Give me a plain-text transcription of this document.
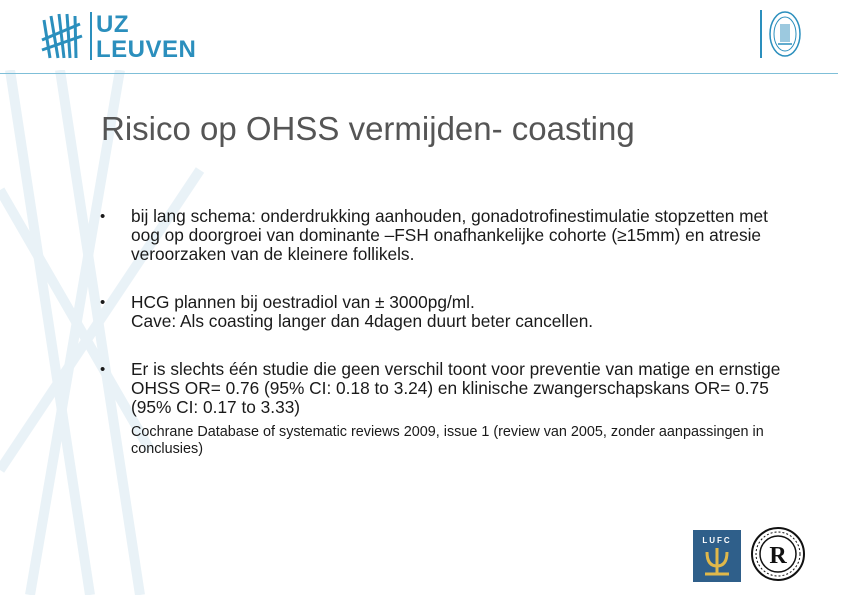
UZ
LEUVEN
Risico op OHSS vermijden- coasting
• bij lang schema: onderdrukking aanhouden, gonadotrofinestimulatie stopzetten met oog op doorgroei van dominante –FSH onafhankelijke cohorte (≥15mm) en atresie veroorzaken van de kleinere follikels.
• HCG plannen bij oestradiol van ± 3000pg/ml.
Cave: Als coasting langer dan 4dagen duurt beter cancellen.
• Er is slechts één studie die geen verschil toont voor preventie van matige en ernstige OHSS OR= 0.76 (95% CI: 0.18 to 3.24) en klinische zwangerschapskans OR= 0.75 (95% CI: 0.17 to 3.33)
Cochrane Database of systematic reviews 2009, issue 1 (review van 2005, zonder aanpassingen in conclusies)
LUFC
R
